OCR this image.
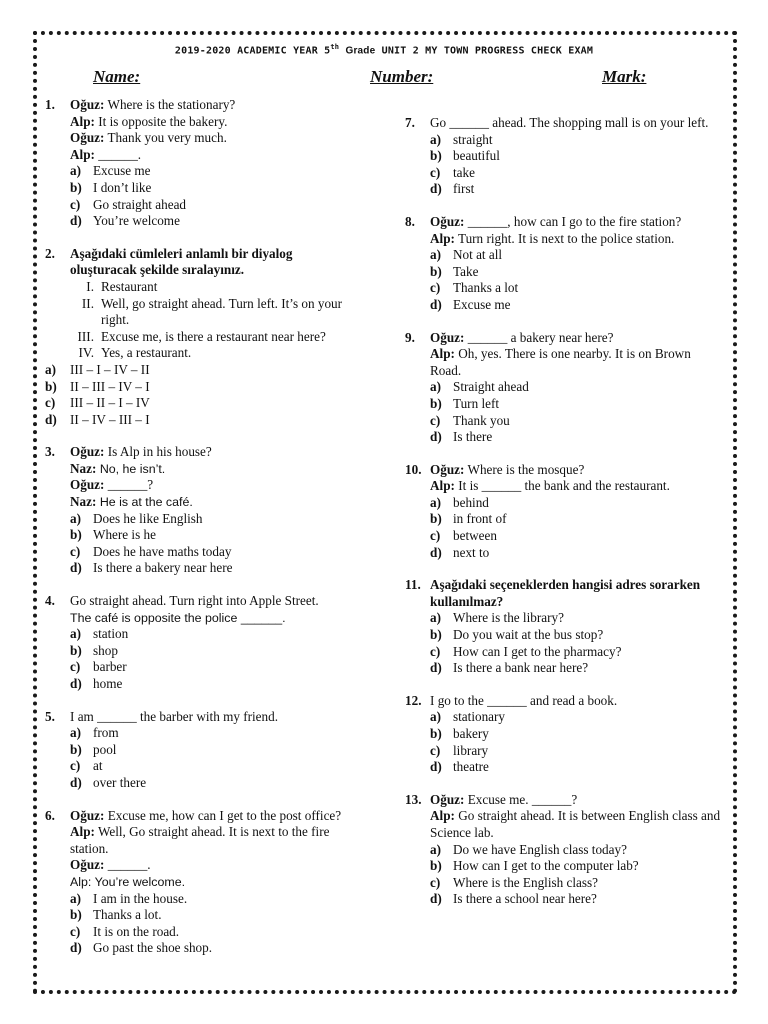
2019-2020 ACADEMIC YEAR 5th Grade UNIT 2 MY TOWN PROGRESS CHECK EXAM
Name:	Number:	Mark:
1. Oğuz: Where is the stationary?
Alp: It is opposite the bakery.
Oğuz: Thank you very much.
Alp: ______.
a) Excuse me
b) I don’t like
c) Go straight ahead
d) You’re welcome
2. Aşağıdaki cümleleri anlamlı bir diyalog
oluşturacak şekilde sıralayınız.
I. Restaurant
II. Well, go straight ahead. Turn left. It’s on your right.
III. Excuse me, is there a restaurant near here?
IV. Yes, a restaurant.
a) III – I – IV – II
b) II – III – IV – I
c) III – II – I – IV
d) II – IV – III – I
3. Oğuz: Is Alp in his house?
Naz: No, he isn’t.
Oğuz: ______?
Naz: He is at the café.
a) Does he like English
b) Where is he
c) Does he have maths today
d) Is there a bakery near here
4. Go straight ahead. Turn right into Apple Street.
The café is opposite the police ______.
a) station
b) shop
c) barber
d) home
5. I am ______ the barber with my friend.
a) from
b) pool
c) at
d) over there
6. Oğuz: Excuse me, how can I get to the post office?
Alp: Well, Go straight ahead. It is next to the fire station.
Oğuz: ______.
Alp: You’re welcome.
a) I am in the house.
b) Thanks a lot.
c) It is on the road.
d) Go past the shoe shop.
7.	Go ______ ahead. The shopping mall is on your left.
a) straight
b) beautiful
c) take
d) first
8. Oğuz: ______, how can I go to the fire station?
Alp: Turn right. It is next to the police station.
a) Not at all
b) Take
c) Thanks a lot
d) Excuse me
9. Oğuz: ______ a bakery near here?
Alp: Oh, yes. There is one nearby. It is on Brown Road.
a) Straight ahead
b) Turn left
c) Thank you
d) Is there
10. Oğuz: Where is the mosque?
Alp: It is ______ the bank and the restaurant.
a) behind
b) in front of
c) between
d) next to
11. Aşağıdaki seçeneklerden hangisi adres sorarken
kullanılmaz?
a) Where is the library?
b) Do you wait at the bus stop?
c) How can I get to the pharmacy?
d) Is there a bank near here?
12. I go to the ______ and read a book.
a) stationary
b) bakery
c) library
d) theatre
13. Oğuz: Excuse me. ______?
Alp: Go straight ahead. It is between English class and Science lab.
a) Do we have English class today?
b) How can I get to the computer lab?
c) Where is the English class?
d) Is there a school near here?
